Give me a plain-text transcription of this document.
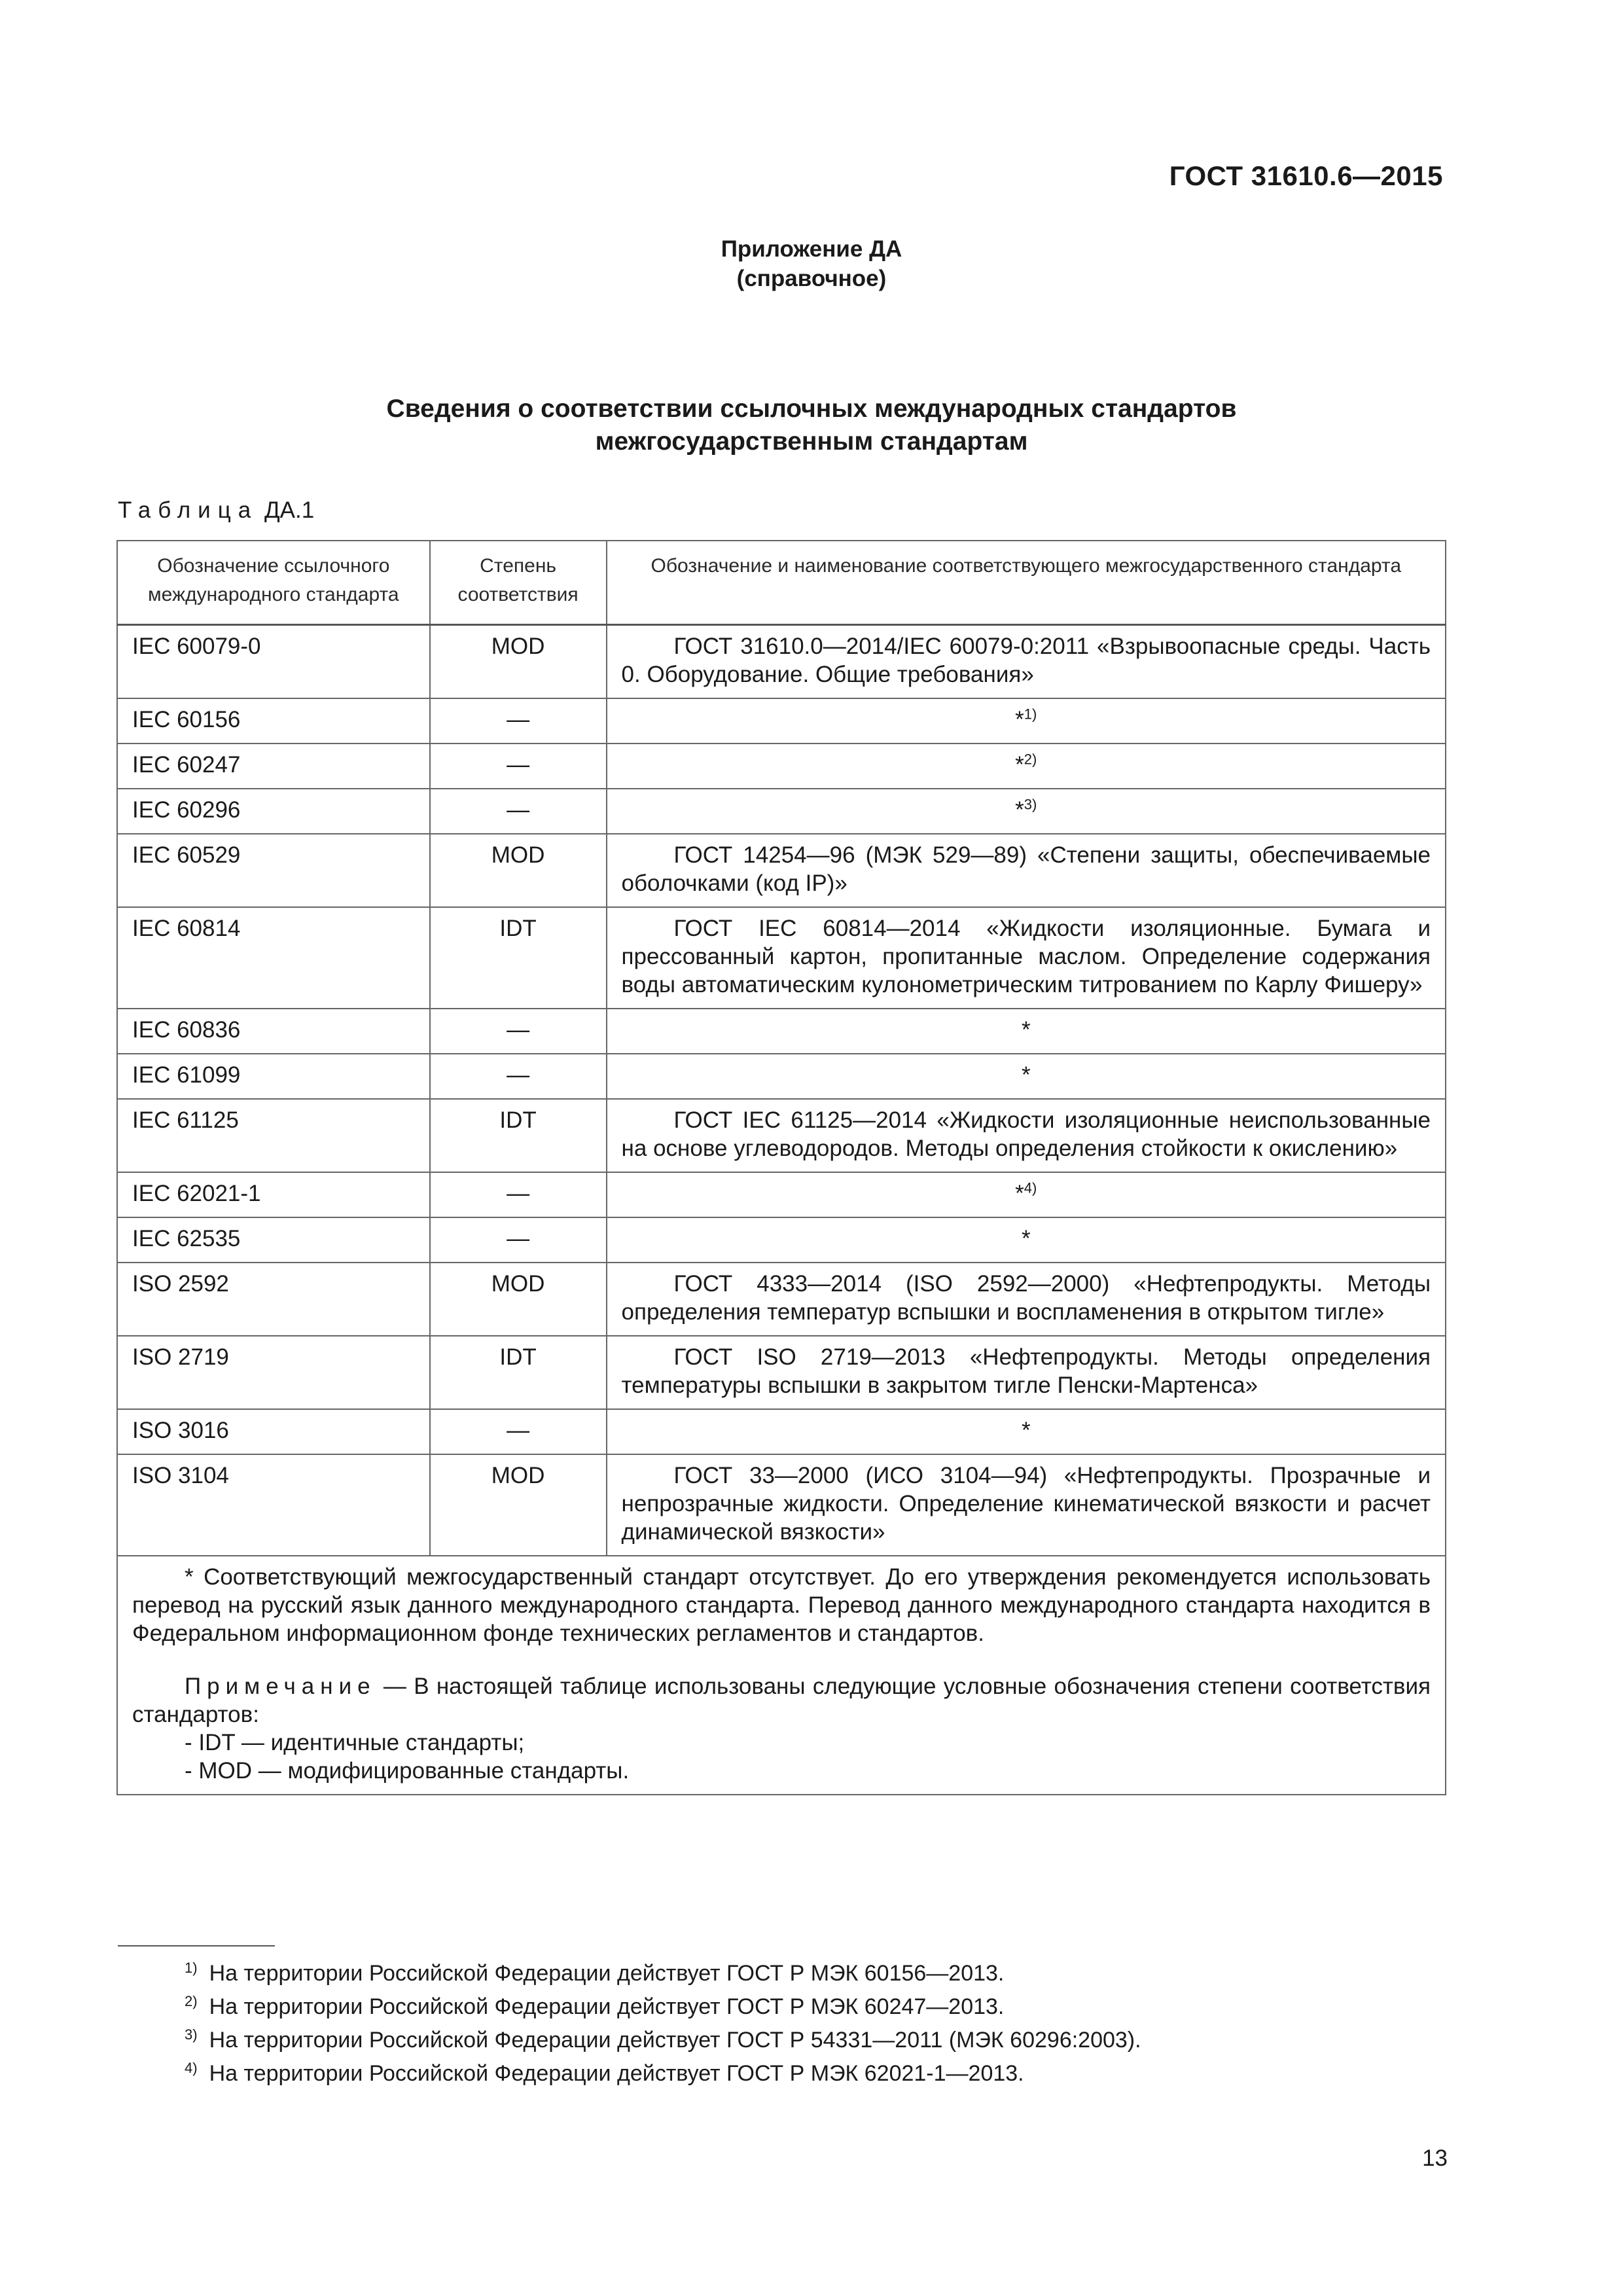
ГОСТ 31610.6—2015
Приложение ДА
(справочное)
Сведения о соответствии ссылочных международных стандартов
межгосударственным стандартам
Таблица ДА.1
Обозначение ссылочного международного стандарта	Степень соответствия	Обозначение и наименование соответствующего межгосударственного стандарта
IEC 60079-0	MOD	ГОСТ 31610.0—2014/IEC 60079-0:2011 «Взрывоопасные среды. Часть 0. Оборудование. Общие требования»

IEC 60156	—	*$^{1)}$
IEC 60247	—	*$^{2)}$
IEC 60296	—	*$^{3)}$
IEC 60529	MOD	ГОСТ 14254—96 (МЭК 529—89) «Степени защиты, обеспечиваемые оболочками (код IP)»

IEC 60814	IDT	ГОСТ IEC 60814—2014 «Жидкости изоляционные. Бумага и прессованный картон, пропитанные маслом. Определение содержания воды автоматическим кулонометрическим титрованием по Карлу Фишеру»

IEC 60836	—	*
IEC 61099	—	*
IEC 61125	IDT	ГОСТ IEC 61125—2014 «Жидкости изоляционные неиспользованные на основе углеводородов. Методы определения стойкости к окислению»

IEC 62021-1	—	*$^{4)}$
IEC 62535	—	*
ISO 2592	MOD	ГОСТ 4333—2014 (ISO 2592—2000) «Нефтепродукты. Методы определения температур вспышки и воспламенения в открытом тигле»

ISO 2719	IDT	ГОСТ ISO 2719—2013 «Нефтепродукты. Методы определения температуры вспышки в закрытом тигле Пенски-Мартенса»

ISO 3016	—	*
ISO 3104	MOD	ГОСТ 33—2000 (ИСО 3104—94) «Нефтепродукты. Прозрачные и непрозрачные жидкости. Определение кинематической вязкости и расчет динамической вязкости»

* Соответствующий межгосударственный стандарт отсутствует. До его утверждения рекомендуется использовать перевод на русский язык данного международного стандарта. Перевод данного международного стандарта находится в Федеральном информационном фонде технических регламентов и стандартов.
Примечание — В настоящей таблице использованы следующие условные обозначения степени соответствия стандартов:
- IDT — идентичные стандарты;
- MOD — модифицированные стандарты.		
$^{1)}$ На территории Российской Федерации действует ГОСТ Р МЭК 60156—2013.
$^{2)}$ На территории Российской Федерации действует ГОСТ Р МЭК 60247—2013.
$^{3)}$ На территории Российской Федерации действует ГОСТ Р 54331—2011 (МЭК 60296:2003).
$^{4)}$ На территории Российской Федерации действует ГОСТ Р МЭК 62021-1—2013.
13
